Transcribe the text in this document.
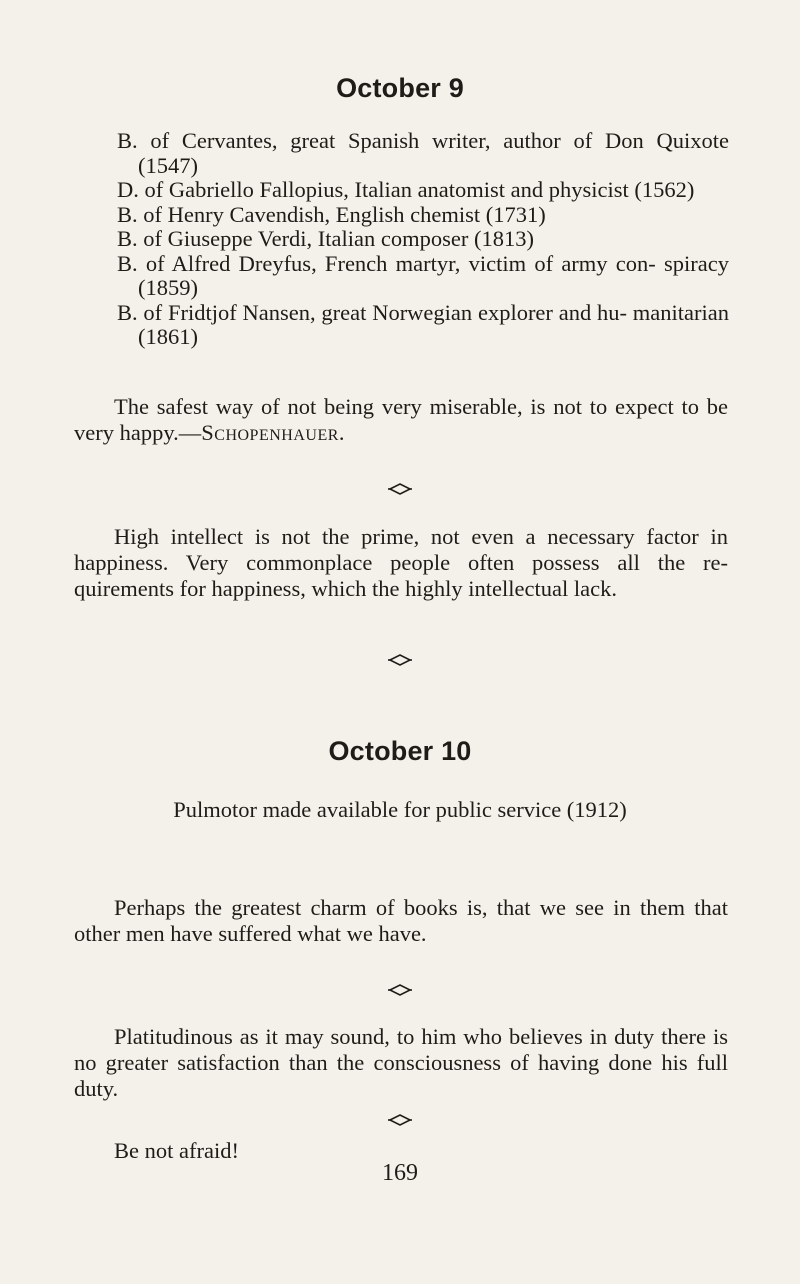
October 9
B. of Cervantes, great Spanish writer, author of Don Quixote (1547)
D. of Gabriello Fallopius, Italian anatomist and physicist (1562)
B. of Henry Cavendish, English chemist (1731)
B. of Giuseppe Verdi, Italian composer (1813)
B. of Alfred Dreyfus, French martyr, victim of army con- spiracy (1859)
B. of Fridtjof Nansen, great Norwegian explorer and hu- manitarian (1861)
The safest way of not being very miserable, is not to expect to be very happy.—Schopenhauer.
High intellect is not the prime, not even a necessary factor in happiness. Very commonplace people often possess all the re- quirements for happiness, which the highly intellectual lack.
October 10
Pulmotor made available for public service (1912)
Perhaps the greatest charm of books is, that we see in them that other men have suffered what we have.
Platitudinous as it may sound, to him who believes in duty there is no greater satisfaction than the consciousness of having done his full duty.
Be not afraid!
169
